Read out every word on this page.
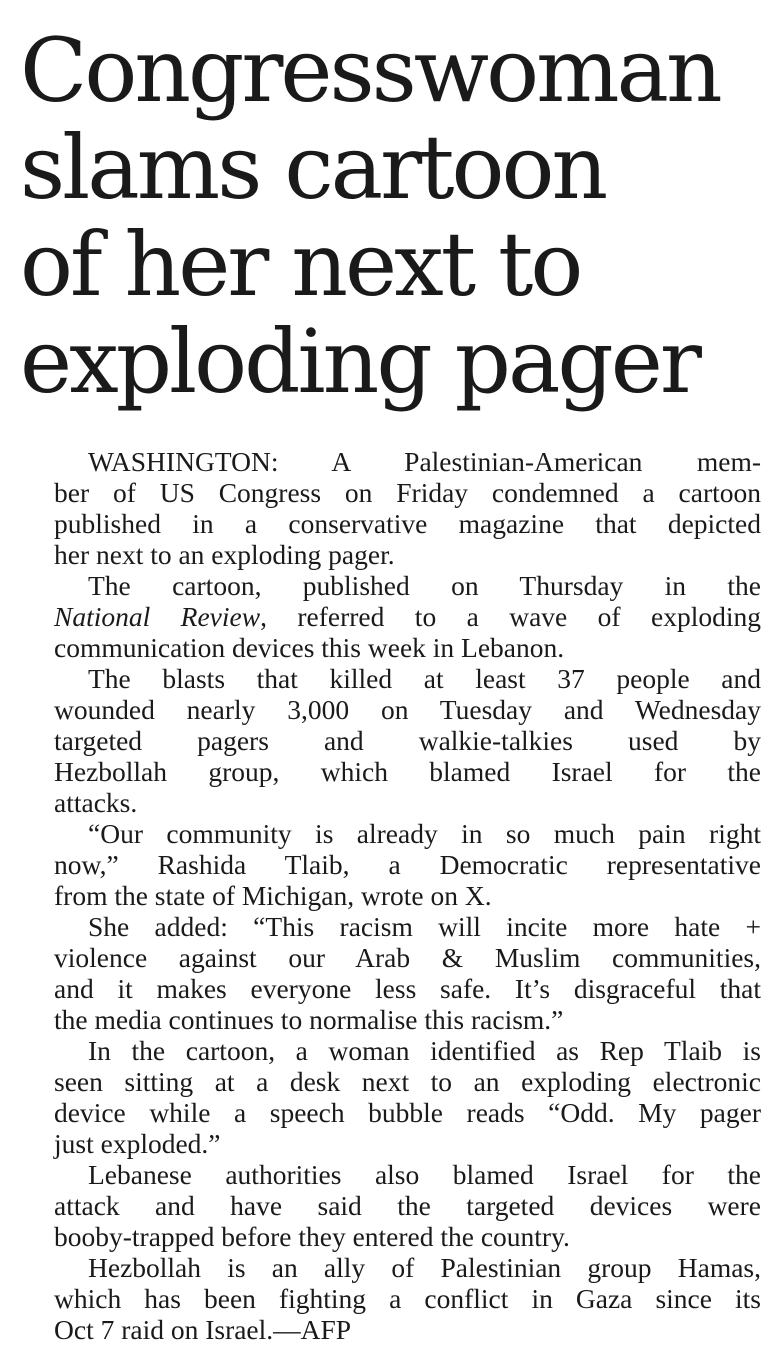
Congresswoman
slams cartoon
of her next to
exploding pager
WASHINGTON: A Palestinian-American mem-
ber of US Congress on Friday condemned a cartoon
published in a conservative magazine that depicted
her next to an exploding pager.
The cartoon, published on Thursday in the
National Review, referred to a wave of exploding
communication devices this week in Lebanon.
The blasts that killed at least 37 people and
wounded nearly 3,000 on Tuesday and Wednesday
targeted pagers and walkie-talkies used by
Hezbollah group, which blamed Israel for the
attacks.
“Our community is already in so much pain right
now,” Rashida Tlaib, a Democratic representative
from the state of Michigan, wrote on X.
She added: “This racism will incite more hate +
violence against our Arab & Muslim communities,
and it makes everyone less safe. It’s disgraceful that
the media continues to normalise this racism.”
In the cartoon, a woman identified as Rep Tlaib is
seen sitting at a desk next to an exploding electronic
device while a speech bubble reads “Odd. My pager
just exploded.”
Lebanese authorities also blamed Israel for the
attack and have said the targeted devices were
booby-trapped before they entered the country.
Hezbollah is an ally of Palestinian group Hamas,
which has been fighting a conflict in Gaza since its
Oct 7 raid on Israel.—AFP
